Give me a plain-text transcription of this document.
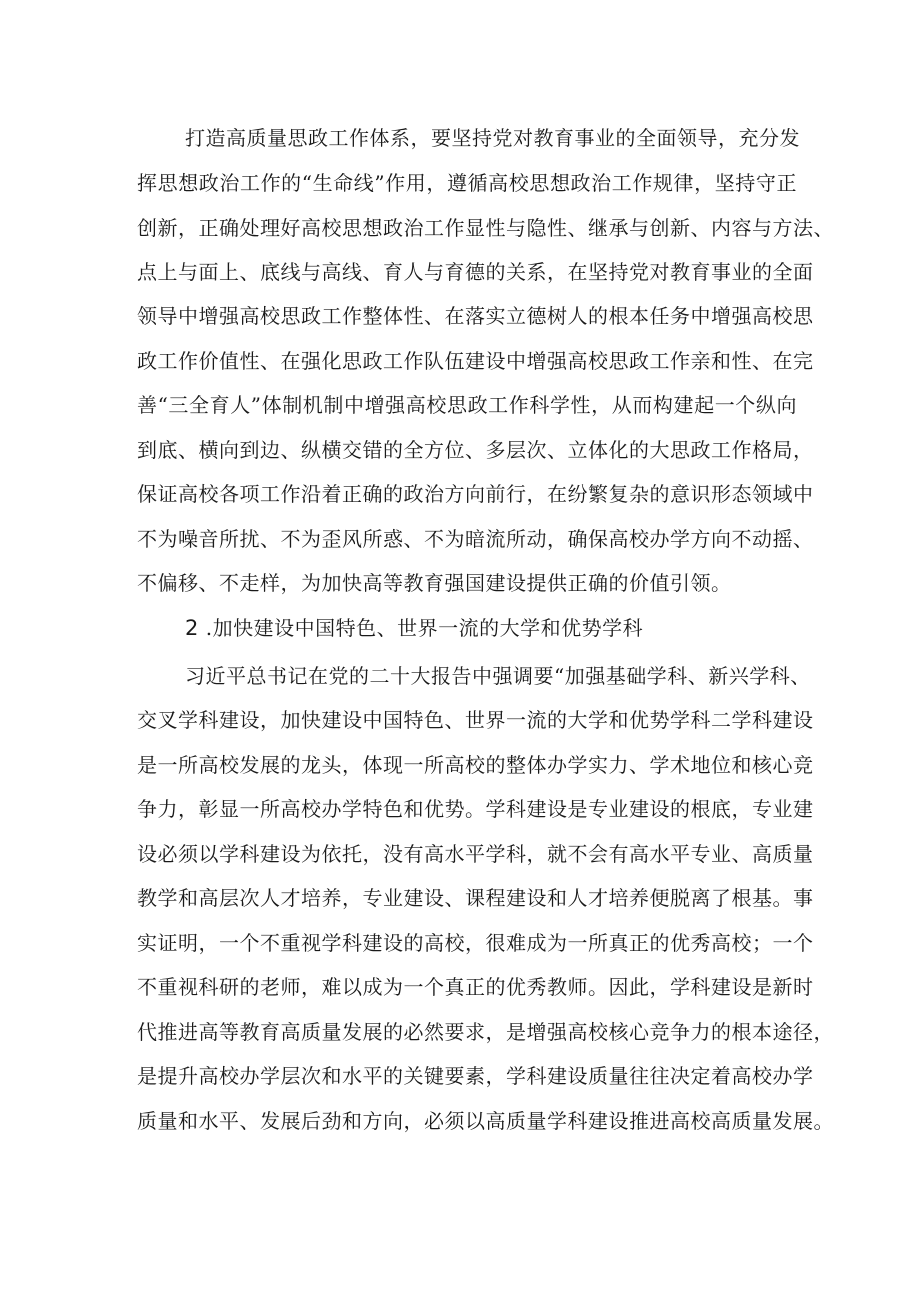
打造高质量思政工作体系，要坚持党对教育事业的全面领导，充分发
挥思想政治工作的“生命线”作用，遵循高校思想政治工作规律，坚持守正
创新，正确处理好高校思想政治工作显性与隐性、继承与创新、内容与方法、
点上与面上、底线与高线、育人与育德的关系，在坚持党对教育事业的全面
领导中增强高校思政工作整体性、在落实立德树人的根本任务中增强高校思
政工作价值性、在强化思政工作队伍建设中增强高校思政工作亲和性、在完
善“三全育人”体制机制中增强高校思政工作科学性，从而构建起一个纵向
到底、横向到边、纵横交错的全方位、多层次、立体化的大思政工作格局，
保证高校各项工作沿着正确的政治方向前行，在纷繁复杂的意识形态领域中
不为噪音所扰、不为歪风所惑、不为暗流所动，确保高校办学方向不动摇、
不偏移、不走样，为加快高等教育强国建设提供正确的价值引领。
2 .加快建设中国特色、世界一流的大学和优势学科
习近平总书记在党的二十大报告中强调要“加强基础学科、新兴学科、
交叉学科建设，加快建设中国特色、世界一流的大学和优势学科二学科建设
是一所高校发展的龙头，体现一所高校的整体办学实力、学术地位和核心竞
争力，彰显一所高校办学特色和优势。学科建设是专业建设的根底，专业建
设必须以学科建设为依托，没有高水平学科，就不会有高水平专业、高质量
教学和高层次人才培养，专业建设、课程建设和人才培养便脱离了根基。事
实证明，一个不重视学科建设的高校，很难成为一所真正的优秀高校；一个
不重视科研的老师，难以成为一个真正的优秀教师。因此，学科建设是新时
代推进高等教育高质量发展的必然要求，是增强高校核心竞争力的根本途径，
是提升高校办学层次和水平的关键要素，学科建设质量往往决定着高校办学
质量和水平、发展后劲和方向，必须以高质量学科建设推进高校高质量发展。
